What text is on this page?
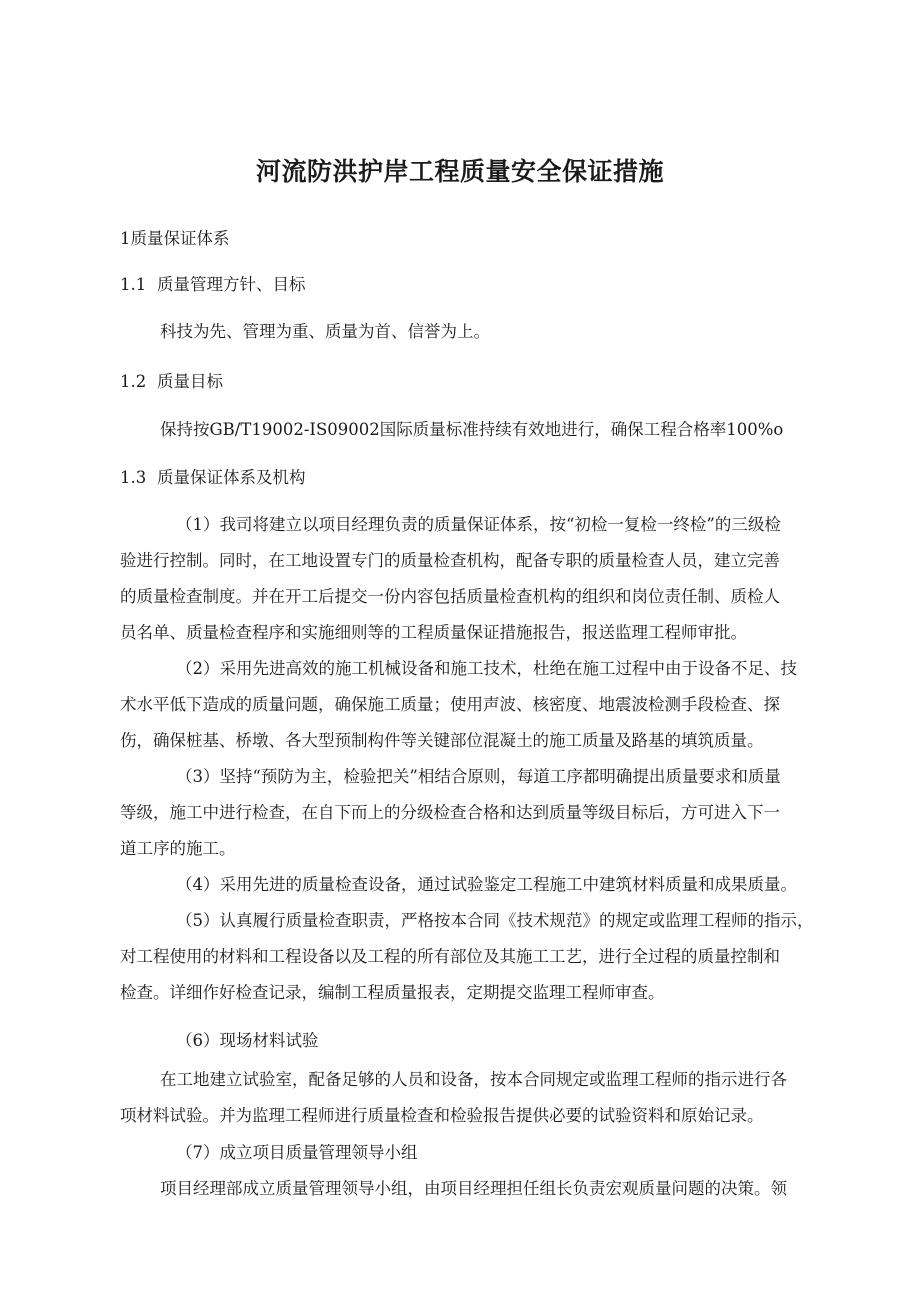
河流防洪护岸工程质量安全保证措施
1质量保证体系
1.1 质量管理方针、目标
科技为先、管理为重、质量为首、信誉为上。
1.2 质量目标
保持按GB/T19002-IS09002国际质量标准持续有效地进行，确保工程合格率100%o
1.3 质量保证体系及机构
（1）我司将建立以项目经理负责的质量保证体系，按“初检一复检一终检”的三级检
验进行控制。同时，在工地设置专门的质量检查机构，配备专职的质量检查人员，建立完善
的质量检查制度。并在开工后提交一份内容包括质量检查机构的组织和岗位责任制、质检人
员名单、质量检查程序和实施细则等的工程质量保证措施报告，报送监理工程师审批。
（2）采用先进高效的施工机械设备和施工技术，杜绝在施工过程中由于设备不足、技
术水平低下造成的质量问题，确保施工质量；使用声波、核密度、地震波检测手段检查、探
伤，确保桩基、桥墩、各大型预制构件等关键部位混凝土的施工质量及路基的填筑质量。
（3）坚持“预防为主，检验把关”相结合原则，每道工序都明确提出质量要求和质量
等级，施工中进行检查，在自下而上的分级检查合格和达到质量等级目标后，方可进入下一
道工序的施工。
（4）采用先进的质量检查设备，通过试验鉴定工程施工中建筑材料质量和成果质量。
（5）认真履行质量检查职责，严格按本合同《技术规范》的规定或监理工程师的指示，
对工程使用的材料和工程设备以及工程的所有部位及其施工工艺，进行全过程的质量控制和
检查。详细作好检查记录，编制工程质量报表，定期提交监理工程师审查。
（6）现场材料试验
在工地建立试验室，配备足够的人员和设备，按本合同规定或监理工程师的指示进行各
项材料试验。并为监理工程师进行质量检查和检验报告提供必要的试验资料和原始记录。
（7）成立项目质量管理领导小组
项目经理部成立质量管理领导小组，由项目经理担任组长负责宏观质量问题的决策。领
